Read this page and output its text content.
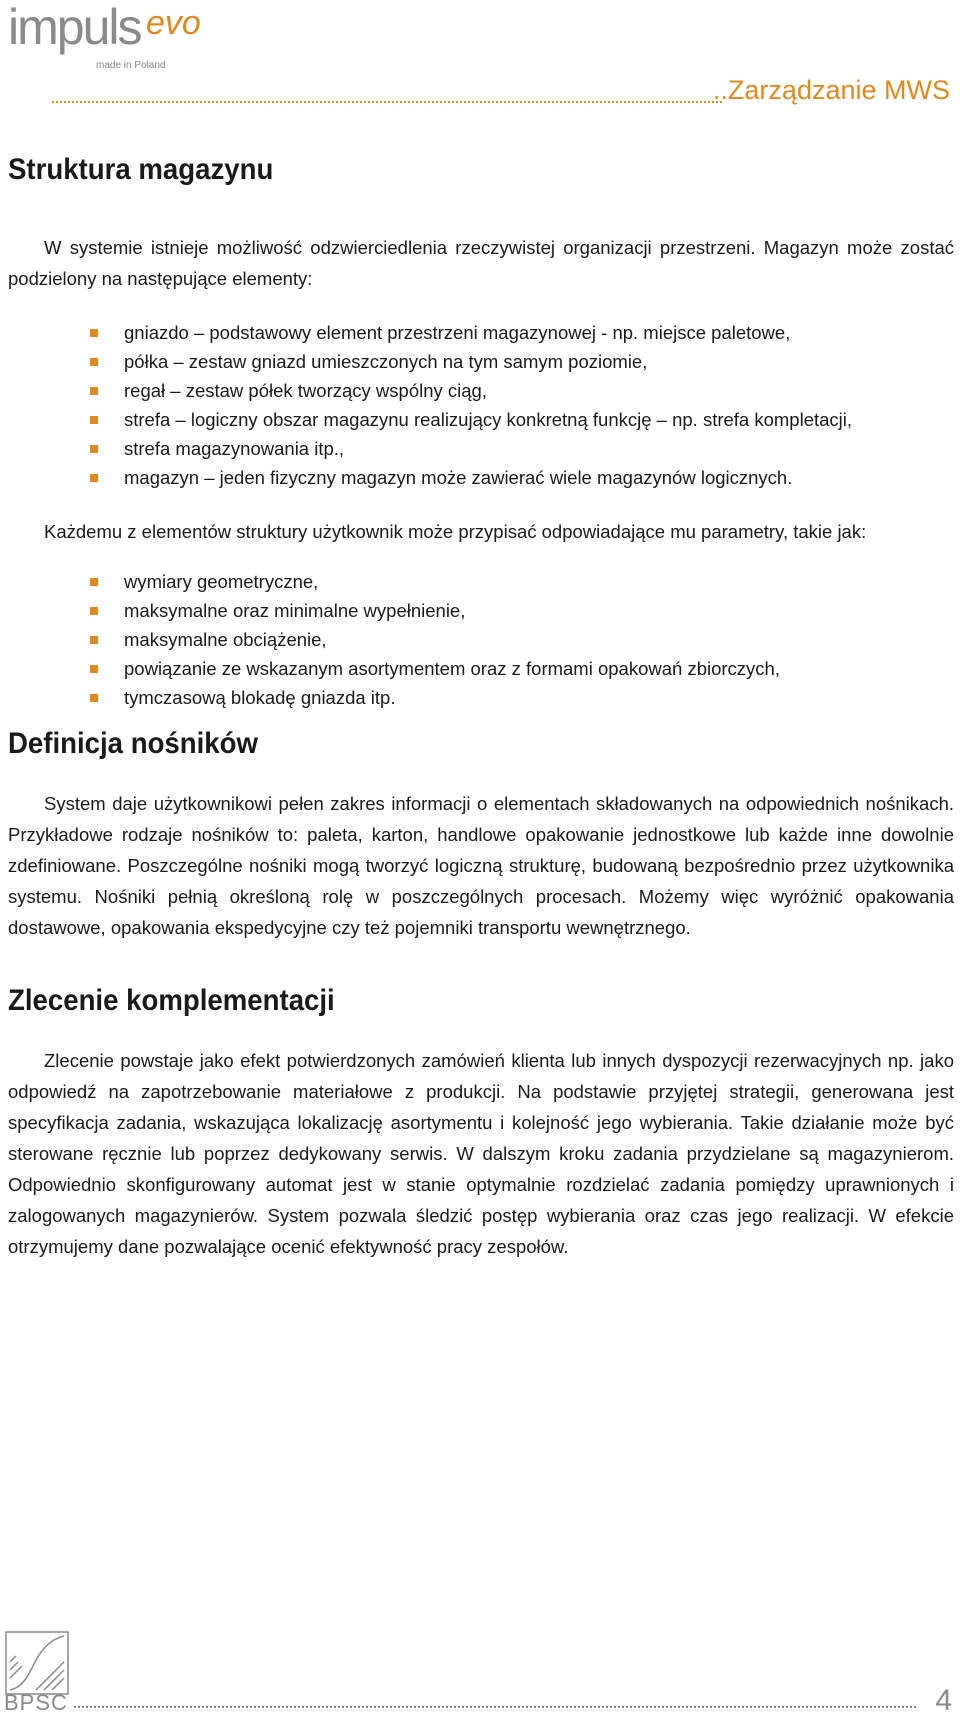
impuls evo
made in Poland
..Zarządzanie MWS
Struktura magazynu

W systemie istnieje możliwość odzwierciedlenia rzeczywistej organizacji przestrzeni. Magazyn może zostać podzielony na następujące elementy:

gniazdo – podstawowy element przestrzeni magazynowej - np. miejsce paletowe,
półka – zestaw gniazd umieszczonych na tym samym poziomie,
regał – zestaw półek tworzący wspólny ciąg,
strefa – logiczny obszar magazynu realizujący konkretną funkcję – np. strefa kompletacji,
strefa magazynowania itp.,
magazyn – jeden fizyczny magazyn może zawierać wiele magazynów logicznych.

Każdemu z elementów struktury użytkownik może przypisać odpowiadające mu parametry, takie jak:

wymiary geometryczne,
maksymalne oraz minimalne wypełnienie,
maksymalne obciążenie,
powiązanie ze wskazanym asortymentem oraz z formami opakowań zbiorczych,
tymczasową blokadę gniazda itp.
Definicja nośników

System daje użytkownikowi pełen zakres informacji o elementach składowanych na odpowiednich nośnikach. Przykładowe rodzaje nośników to: paleta, karton, handlowe opakowanie jednostkowe lub każde inne dowolnie zdefiniowane. Poszczególne nośniki mogą tworzyć logiczną strukturę, budowaną bezpośrednio przez użytkownika systemu. Nośniki pełnią określoną rolę w poszczególnych procesach. Możemy więc wyróżnić opakowania dostawowe, opakowania ekspedycyjne czy też pojemniki transportu wewnętrznego.

Zlecenie komplementacji

Zlecenie powstaje jako efekt potwierdzonych zamówień klienta lub innych dyspozycji rezerwacyjnych np. jako odpowiedź na zapotrzebowanie materiałowe z produkcji. Na podstawie przyjętej strategii, generowana jest specyfikacja zadania, wskazująca lokalizację asortymentu i kolejność jego wybierania. Takie działanie może być sterowane ręcznie lub poprzez dedykowany serwis. W dalszym kroku zadania przydzielane są magazynierom. Odpowiednio skonfigurowany automat jest w stanie optymalnie rozdzielać zadania pomiędzy uprawnionych i zalogowanych magazynierów. System pozwala śledzić postęp wybierania oraz czas jego realizacji. W efekcie otrzymujemy dane pozwalające ocenić efektywność pracy zespołów.

BPSC	4
